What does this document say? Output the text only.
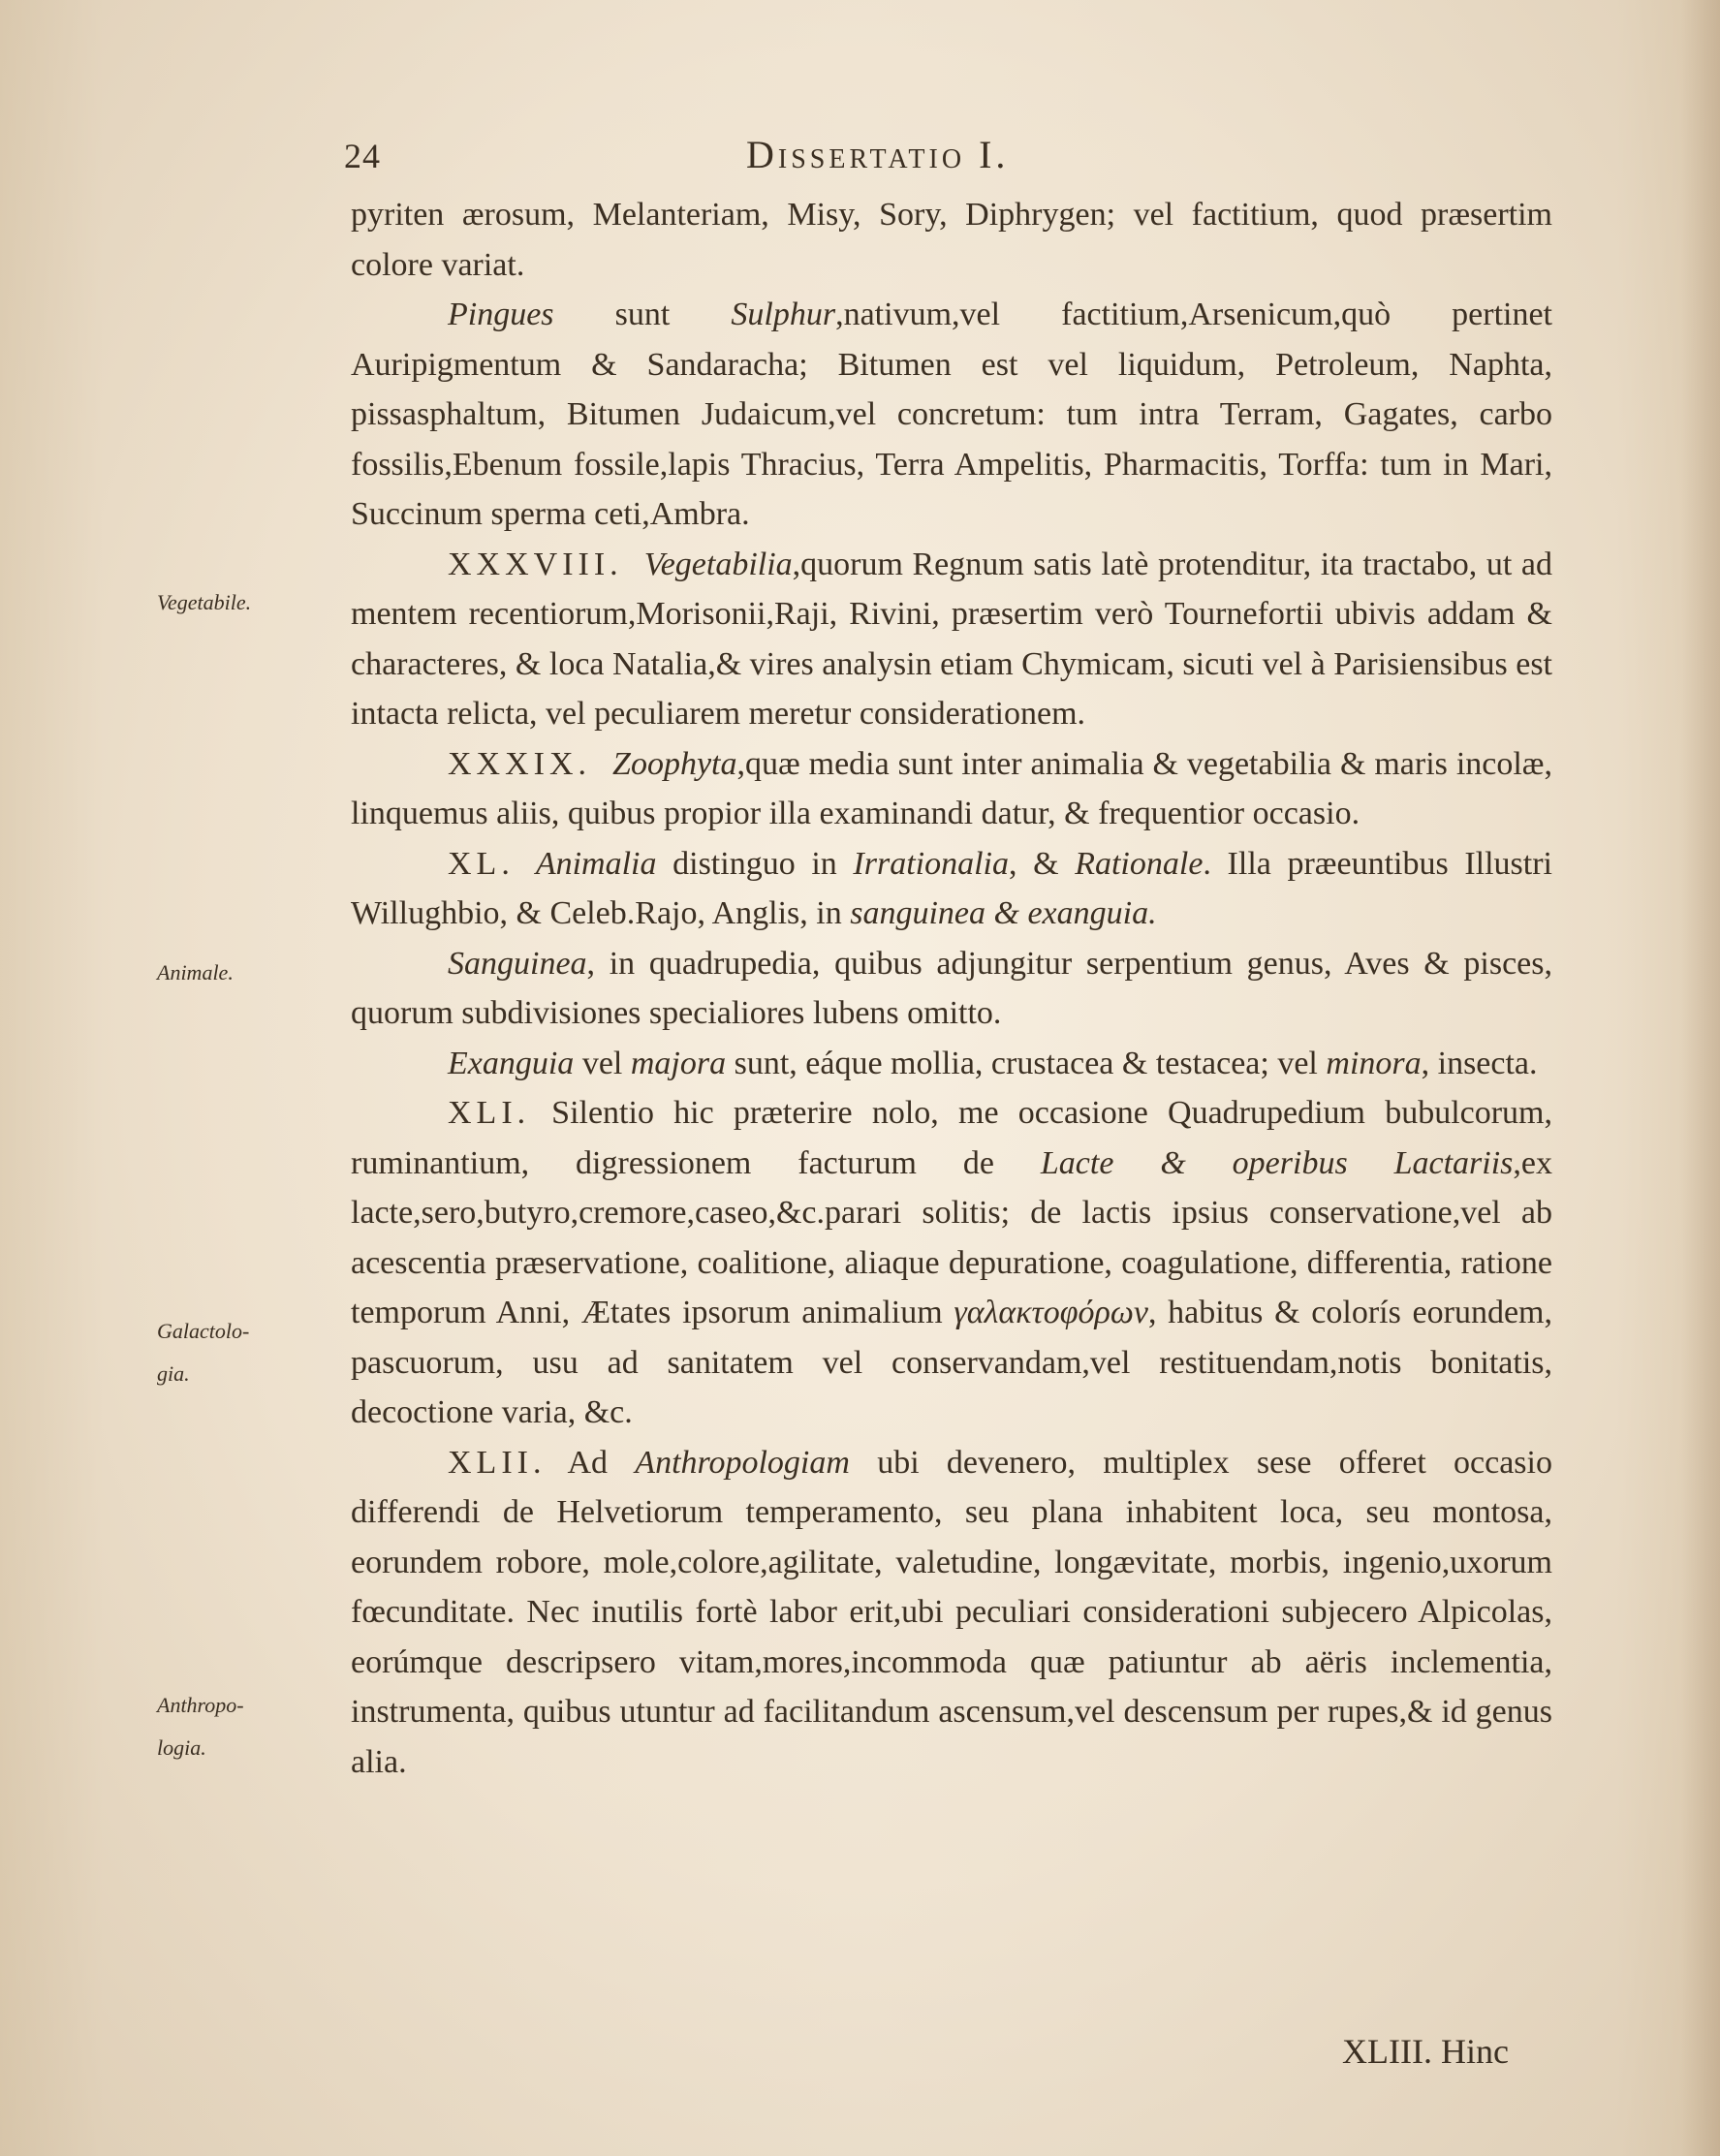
24	Dissertatio I.
Vegetabile.
Animale.
Galactolo-gia.
Anthropo-logia.

pyriten ærosum, Melanteriam, Misy, Sory, Diphrygen; vel factitium, quod præsertim colore variat.

Pingues sunt Sulphur,nativum,vel factitium,Arsenicum,quò pertinet Auripigmentum & Sandaracha; Bitumen est vel liquidum, Petroleum, Naphta, pissasphaltum, Bitumen Judaicum,vel concretum: tum intra Terram, Gagates, carbo fossilis,Ebenum fossile,lapis Thracius, Terra Ampelitis, Pharmacitis, Torffa: tum in Mari, Succinum sperma ceti,Ambra.

XXXVIII. Vegetabilia,quorum Regnum satis latè protenditur, ita tractabo, ut ad mentem recentiorum,Morisonii,Raji, Rivini, præsertim verò Tournefortii ubivis addam & characteres, & loca Natalia,& vires analysin etiam Chymicam, sicuti vel à Parisiensibus est intacta relicta, vel peculiarem meretur considerationem.

XXXIX. Zoophyta,quæ media sunt inter animalia & vegetabilia & maris incolæ, linquemus aliis, quibus propior illa examinandi datur, & frequentior occasio.

XL. Animalia distinguo in Irrationalia, & Rationale. Illa præeuntibus Illustri Willughbio, & Celeb.Rajo, Anglis, in sanguinea & exanguia.

Sanguinea, in quadrupedia, quibus adjungitur serpentium genus, Aves & pisces, quorum subdivisiones specialiores lubens omitto.

Exanguia vel majora sunt, eáque mollia, crustacea & testacea; vel minora, insecta.

XLI. Silentio hic præterire nolo, me occasione Quadrupedium bubulcorum, ruminantium, digressionem facturum de Lacte & operibus Lactariis,ex lacte,sero,butyro,cremore,caseo,&c.parari solitis; de lactis ipsius conservatione,vel ab acescentia præservatione, coalitione, aliaque depuratione, coagulatione, differentia, ratione temporum Anni, Ætates ipsorum animalium γαλακτοφόρων, habitus & colorís eorundem, pascuorum, usu ad sanitatem vel conservandam,vel restituendam,notis bonitatis, decoctione varia, &c.

XLII. Ad Anthropologiam ubi devenero, multiplex sese offeret occasio differendi de Helvetiorum temperamento, seu plana inhabitent loca, seu montosa, eorundem robore, mole,colore,agilitate, valetudine, longævitate, morbis, ingenio,uxorum fœcunditate. Nec inutilis fortè labor erit,ubi peculiari considerationi subjecero Alpicolas, eorúmque descripsero vitam,mores,incommoda quæ patiuntur ab aëris inclementia, instrumenta, quibus utuntur ad facilitandum ascensum,vel descensum per rupes,& id genus alia.

XLIII. Hinc
